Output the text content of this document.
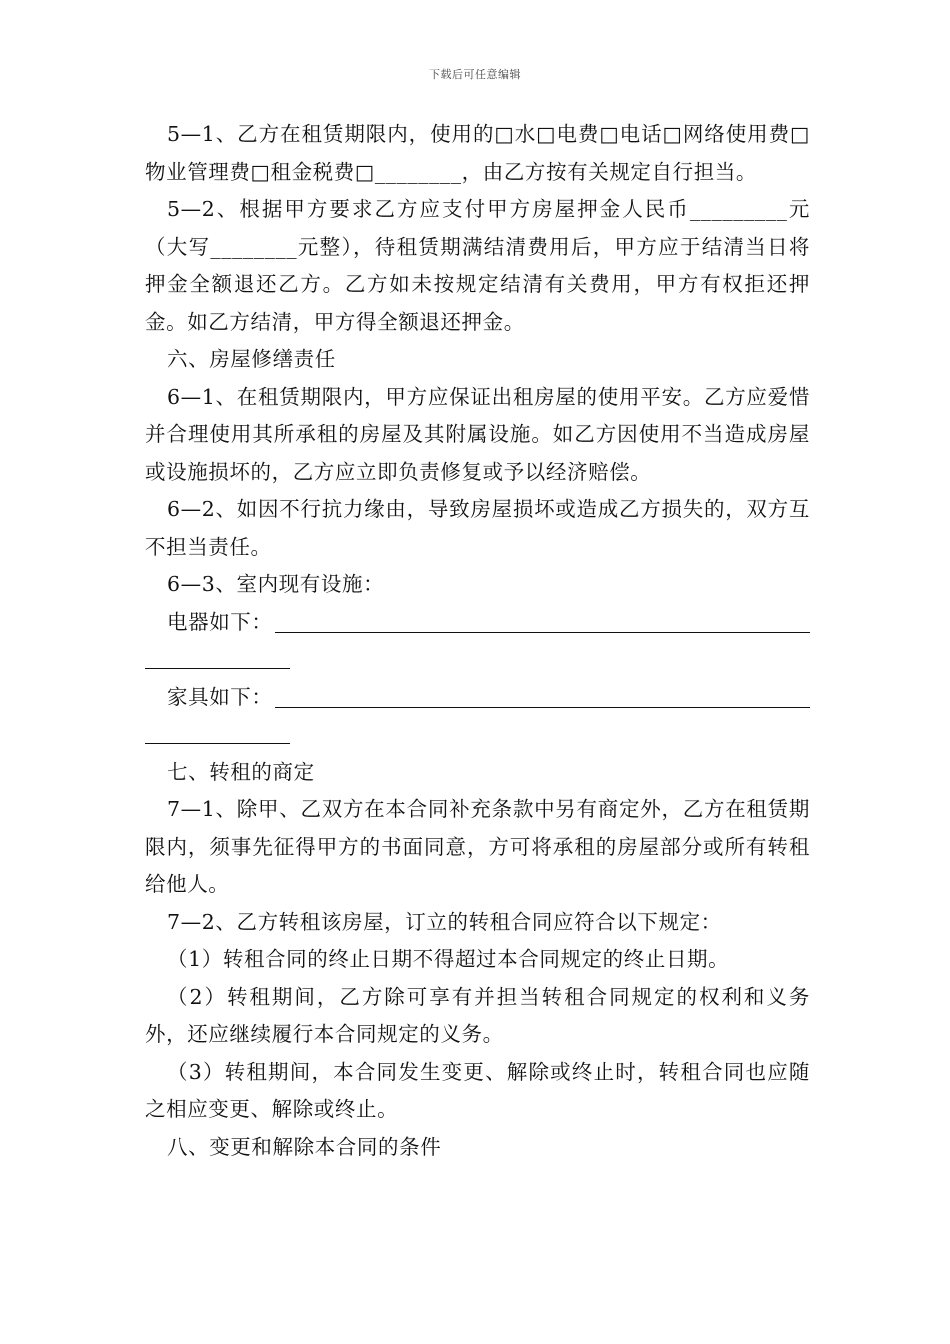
下载后可任意编辑

5—1、乙方在租赁期限内，使用的□水□电费□电话□网络使用费□物业管理费□租金税费□________，由乙方按有关规定自行担当。

5—2、根据甲方要求乙方应支付甲方房屋押金人民币_________元（大写________元整），待租赁期满结清费用后，甲方应于结清当日将押金全额退还乙方。乙方如未按规定结清有关费用，甲方有权拒还押金。如乙方结清，甲方得全额退还押金。

六、房屋修缮责任

6—1、在租赁期限内，甲方应保证出租房屋的使用平安。乙方应爱惜并合理使用其所承租的房屋及其附属设施。如乙方因使用不当造成房屋或设施损坏的，乙方应立即负责修复或予以经济赔偿。

6—2、如因不行抗力缘由，导致房屋损坏或造成乙方损失的，双方互不担当责任。

6—3、室内现有设施：

电器如下：
家具如下：

七、转租的商定

7—1、除甲、乙双方在本合同补充条款中另有商定外，乙方在租赁期限内，须事先征得甲方的书面同意，方可将承租的房屋部分或所有转租给他人。

7—2、乙方转租该房屋，订立的转租合同应符合以下规定：

（1）转租合同的终止日期不得超过本合同规定的终止日期。

（2）转租期间，乙方除可享有并担当转租合同规定的权利和义务外，还应继续履行本合同规定的义务。

（3）转租期间，本合同发生变更、解除或终止时，转租合同也应随之相应变更、解除或终止。

八、变更和解除本合同的条件
